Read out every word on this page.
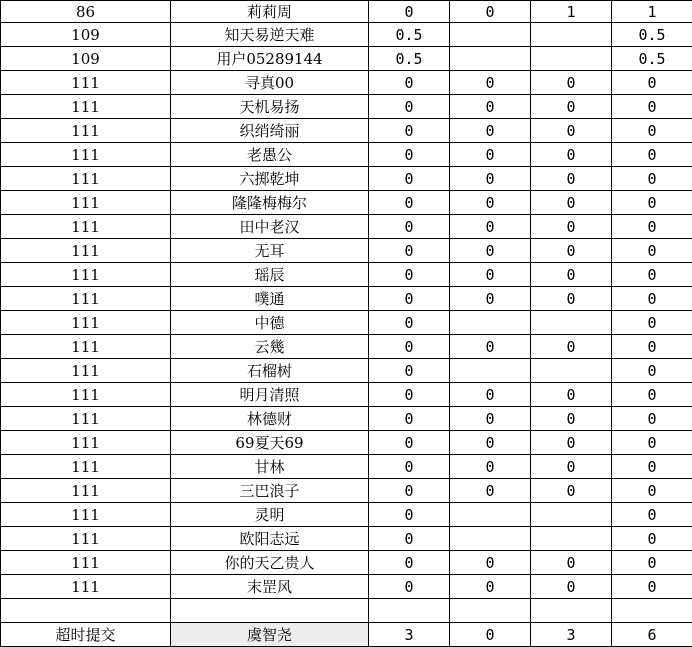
86	莉莉周	0	0	1	1
109	知天易逆天难	0.5			0.5
109	用户05289144	0.5			0.5
111	寻真00	0	0	0	0
111	天机易扬	0	0	0	0
111	织绡绮丽	0	0	0	0
111	老愚公	0	0	0	0
111	六掷乾坤	0	0	0	0
111	隆隆梅梅尔	0	0	0	0
111	田中老汉	0	0	0	0
111	无耳	0	0	0	0
111	瑶辰	0	0	0	0
111	噗通	0	0	0	0
111	中德	0			0
111	云幾	0	0	0	0
111	石榴树	0			0
111	明月清照	0	0	0	0
111	林德财	0	0	0	0
111	69夏天69	0	0	0	0
111	甘林	0	0	0	0
111	三巴浪子	0	0	0	0
111	灵明	0			0
111	欧阳志远	0			0
111	你的天乙贵人	0	0	0	0
111	末罡风	0	0	0	0

超时提交	虞智尧	3	0	3	6
